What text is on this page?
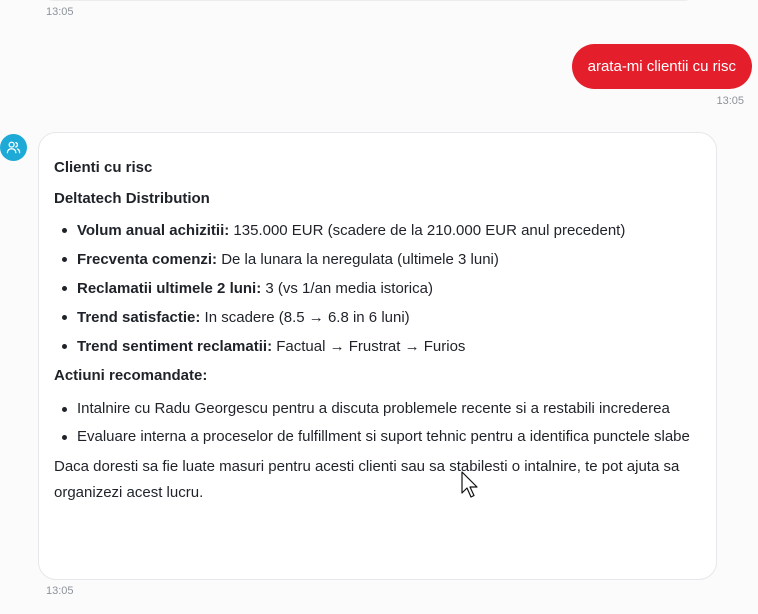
13:05
arata-mi clientii cu risc
13:05
Clienti cu risc
Deltatech Distribution
Volum anual achizitii: 135.000 EUR (scadere de la 210.000 EUR anul precedent)
Frecventa comenzi: De la lunara la neregulata (ultimele 3 luni)
Reclamatii ultimele 2 luni: 3 (vs 1/an media istorica)
Trend satisfactie: In scadere (8.5 → 6.8 in 6 luni)
Trend sentiment reclamatii: Factual → Frustrat → Furios
Actiuni recomandate:
Intalnire cu Radu Georgescu pentru a discuta problemele recente si a restabili increderea
Evaluare interna a proceselor de fulfillment si suport tehnic pentru a identifica punctele slabe

Daca doresti sa fie luate masuri pentru acesti clienti sau sa stabilesti o intalnire, te pot ajuta sa organizezi acest lucru.

13:05
